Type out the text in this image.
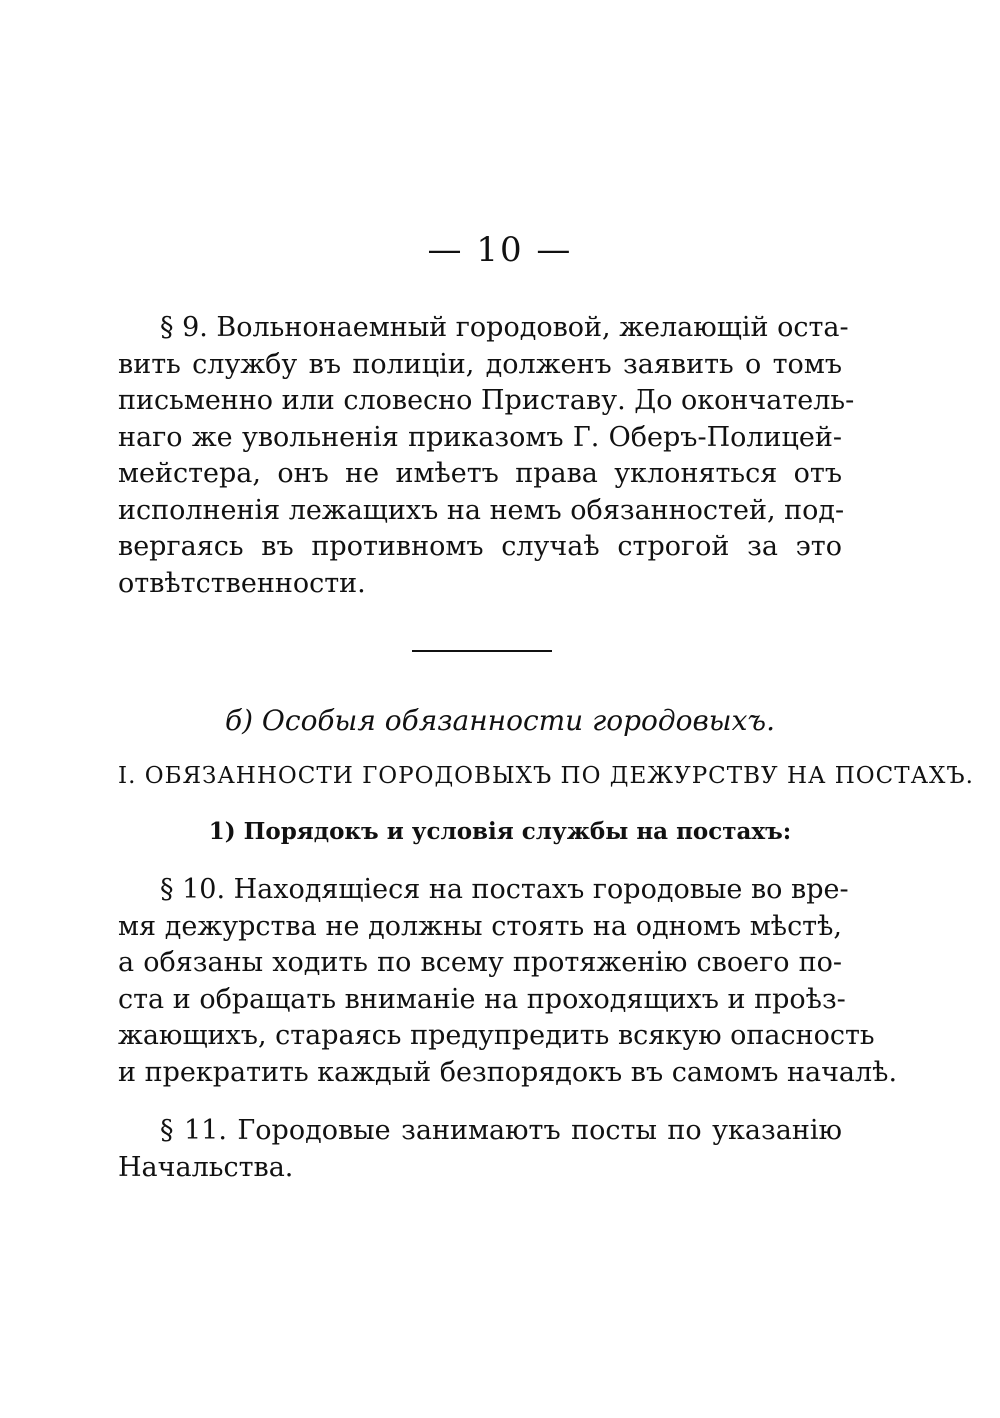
— 10 —
§ 9. Вольнонаемный городовой, желающій оста-
вить службу въ полиціи, долженъ заявить о томъ
письменно или словесно Приставу. До окончатель-
наго же увольненія приказомъ Г. Оберъ-Полицей-
мейстера, онъ не имѣетъ права уклоняться отъ
исполненія лежащихъ на немъ обязанностей, под-
вергаясь въ противномъ случаѣ строгой за это
отвѣтственности.
б) Особыя обязанности городовыхъ.
I. ОБЯЗАННОСТИ ГОРОДОВЫХЪ ПО ДЕЖУРСТВУ НА ПОСТАХЪ.
1) Порядокъ и условія службы на постахъ:
§ 10. Находящіеся на постахъ городовые во вре-
мя дежурства не должны стоять на одномъ мѣстѣ,
а обязаны ходить по всему протяженію своего по-
ста и обращать вниманіе на проходящихъ и проѣз-
жающихъ, стараясь предупредить всякую опасность
и прекратить каждый безпорядокъ въ самомъ началѣ.
§ 11. Городовые занимаютъ посты по указанію
Начальства.
